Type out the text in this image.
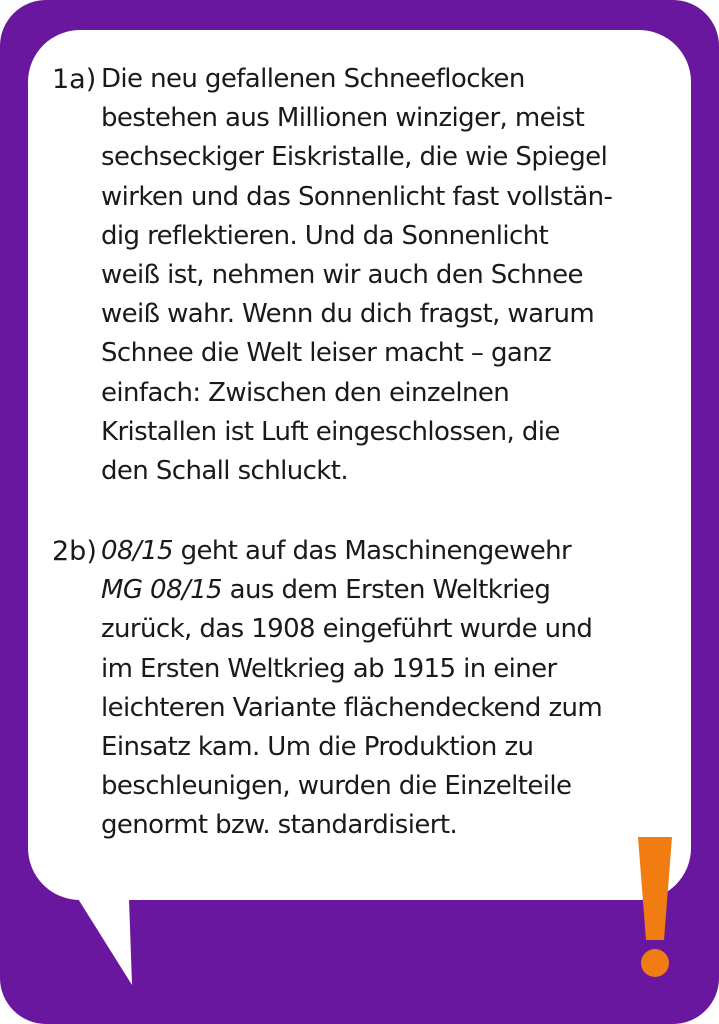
1a) Die neu gefallenen Schneeflocken
bestehen aus Millionen winziger, meist
sechseckiger Eiskristalle, die wie Spiegel
wirken und das Sonnenlicht fast vollstän-
dig reflektieren. Und da Sonnenlicht
weiß ist, nehmen wir auch den Schnee
weiß wahr. Wenn du dich fragst, warum
Schnee die Welt leiser macht – ganz
einfach: Zwischen den einzelnen
Kristallen ist Luft eingeschlossen, die
den Schall schluckt.
2b) 08/15 geht auf das Maschinengewehr
MG 08/15 aus dem Ersten Weltkrieg
zurück, das 1908 eingeführt wurde und
im Ersten Weltkrieg ab 1915 in einer
leichteren Variante flächendeckend zum
Einsatz kam. Um die Produktion zu
beschleunigen, wurden die Einzelteile
genormt bzw. standardisiert.
